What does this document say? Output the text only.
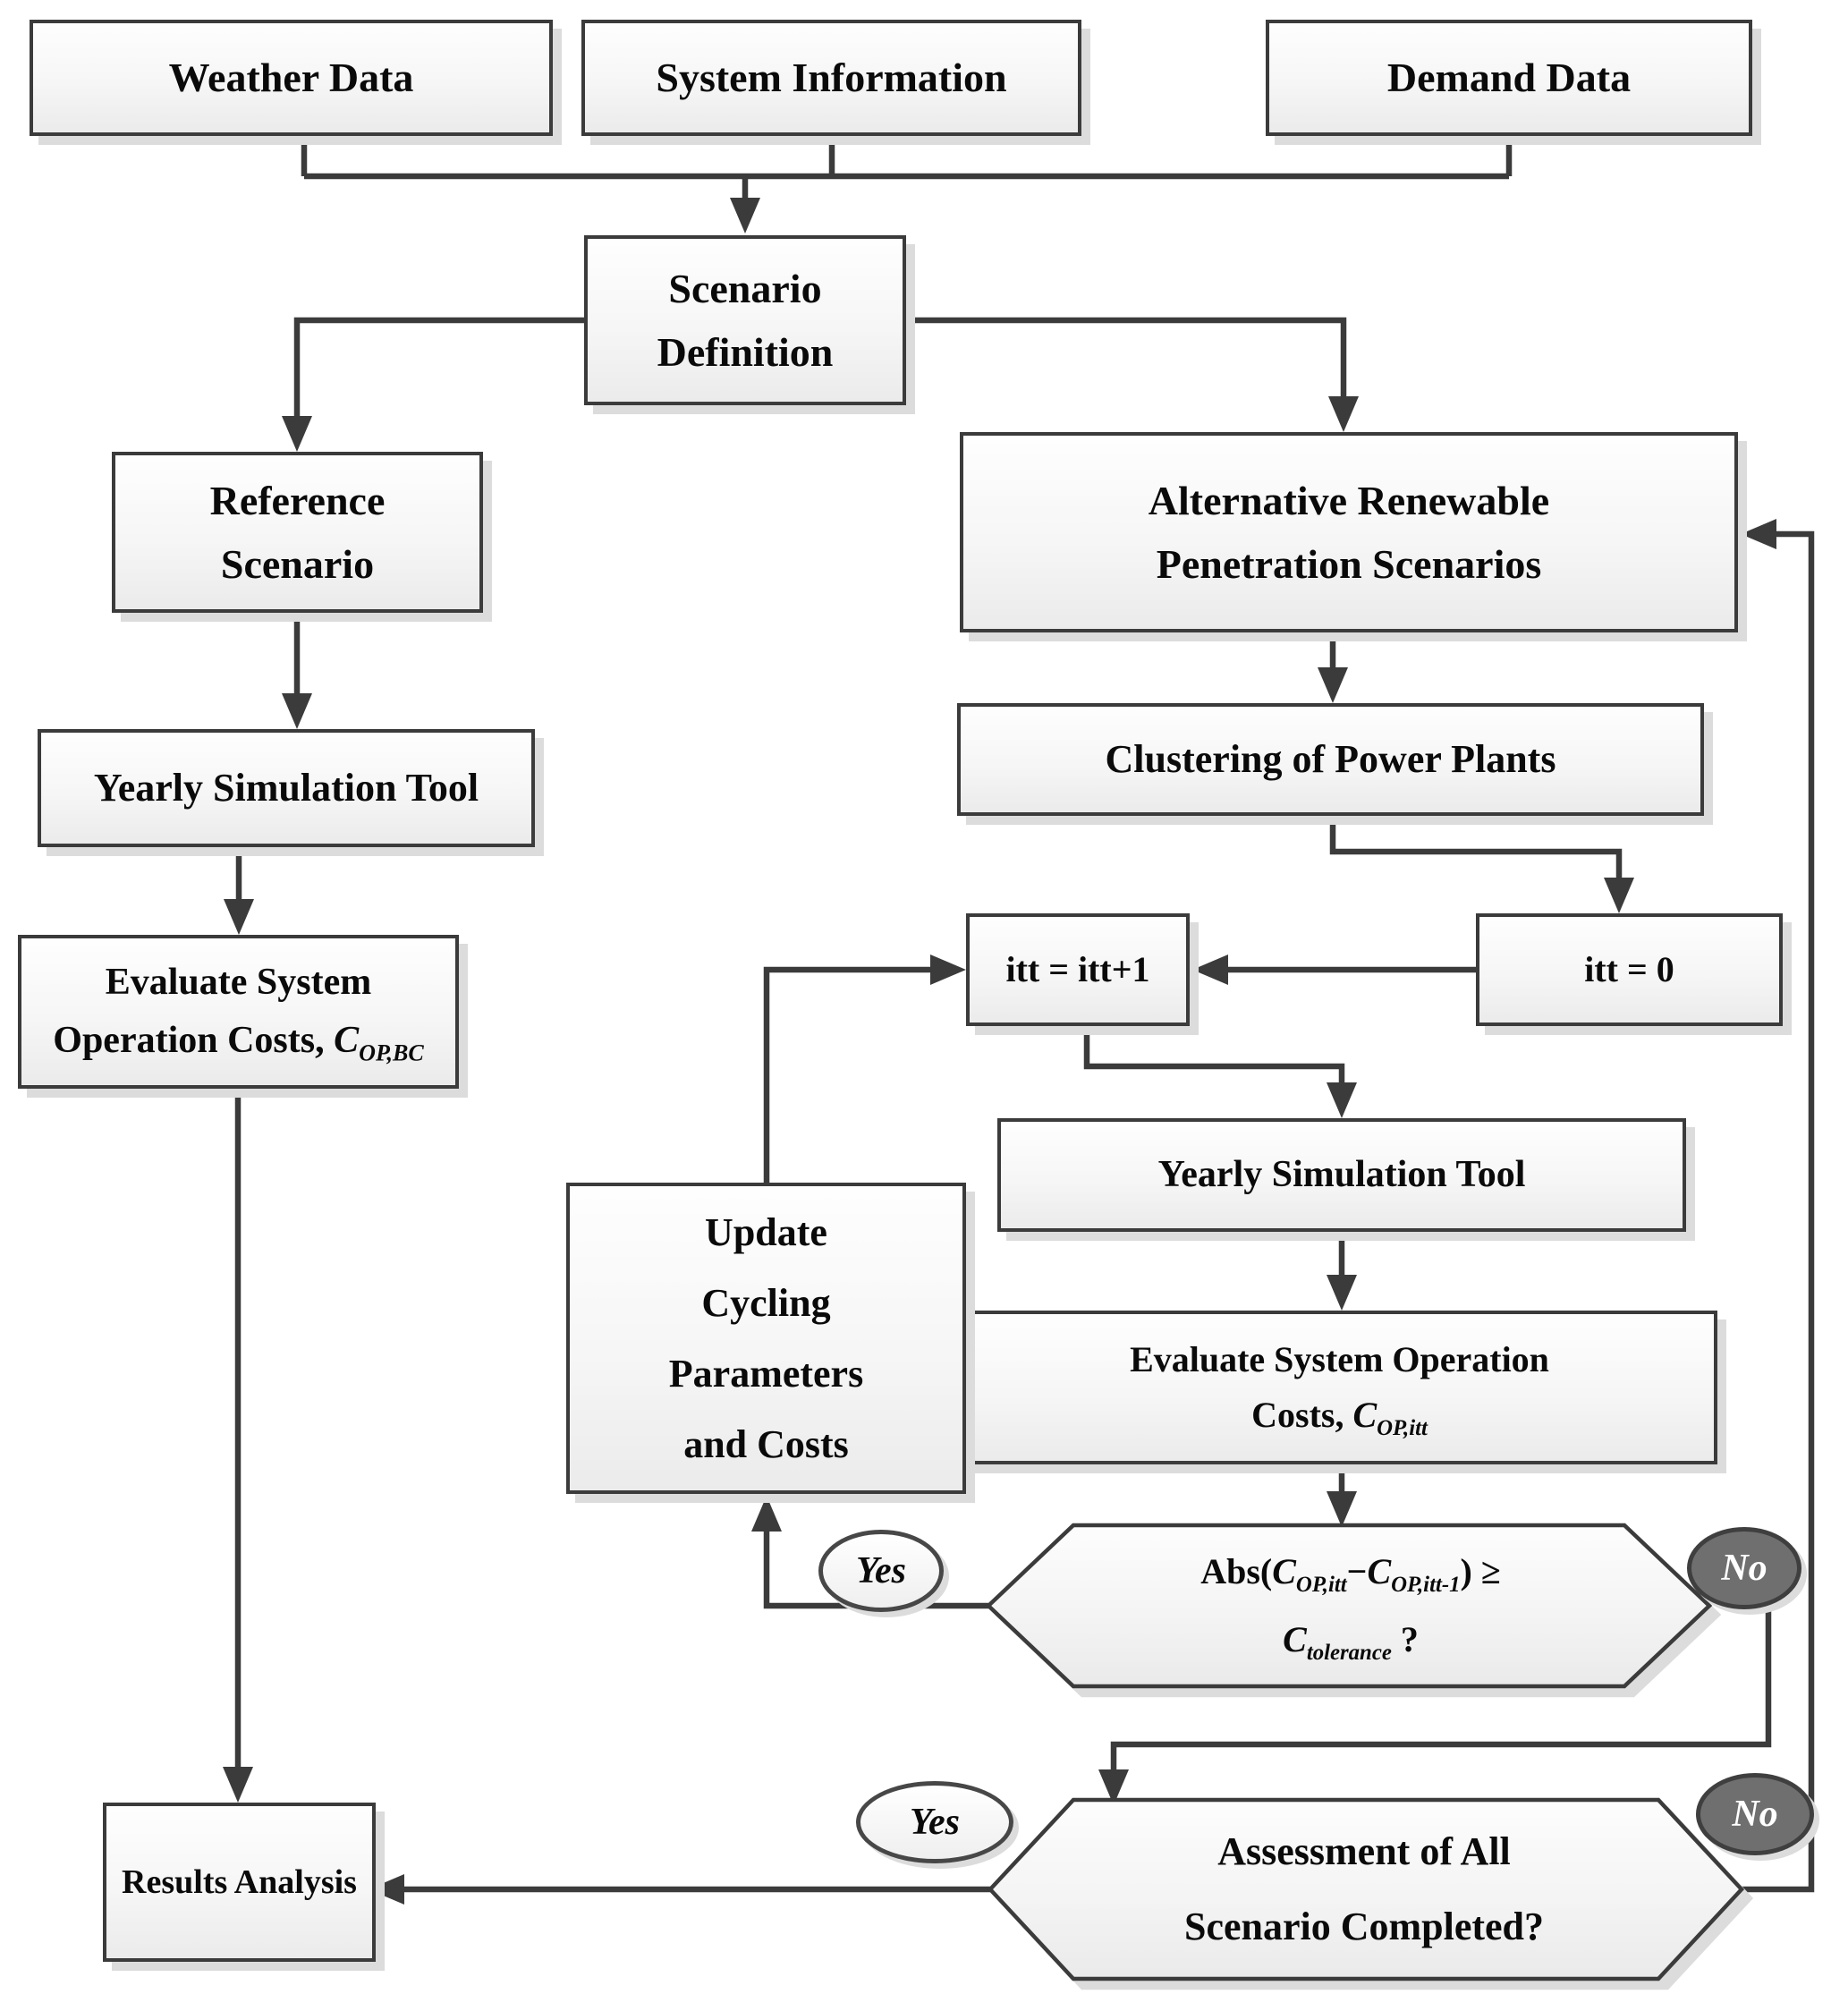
Weather Data	System Information	Demand Data
Scenario
Definition
Reference
Scenario
Alternative Renewable
Penetration Scenarios
Yearly Simulation Tool
Evaluate System
Operation Costs, $C_{OP,BC}$
Clustering of Power Plants
itt = itt+1	itt = 0
Yearly Simulation Tool
Evaluate System Operation
Costs, $C_{OP,itt}$
Update
Cycling
Parameters
and Costs
Results Analysis
$Abs(C_{OP,itt}-C_{OP,itt-1})$ ≥
$C_{tolerance}$ ?
Assessment of All
Scenario Completed?
Yes	No
Yes	No
